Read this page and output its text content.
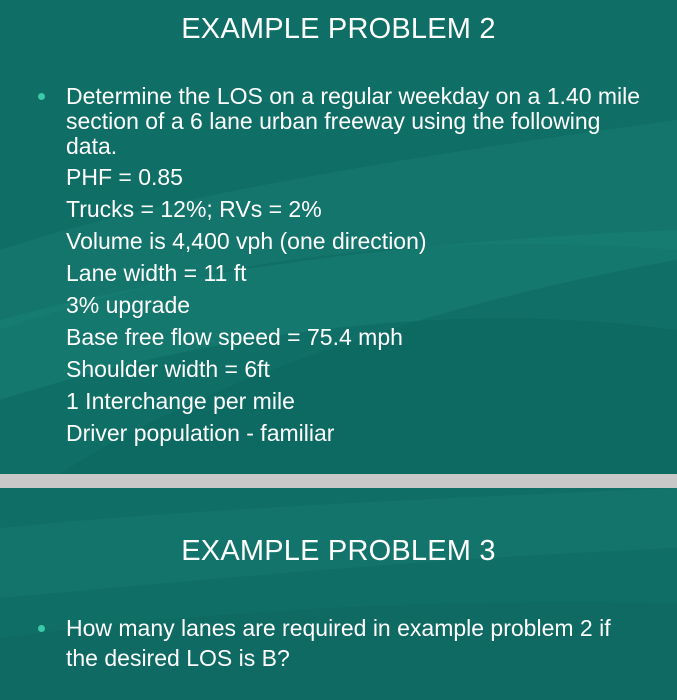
EXAMPLE PROBLEM 2
Determine the LOS on a regular weekday on a 1.40 mile section of a 6 lane urban freeway using the following data.
PHF = 0.85
Trucks = 12%; RVs = 2%
Volume is 4,400 vph (one direction)
Lane width = 11 ft
3% upgrade
Base free flow speed = 75.4 mph
Shoulder width = 6ft
1 Interchange per mile
Driver population - familiar
EXAMPLE PROBLEM 3
How many lanes are required in example problem 2 if the desired LOS is B?
